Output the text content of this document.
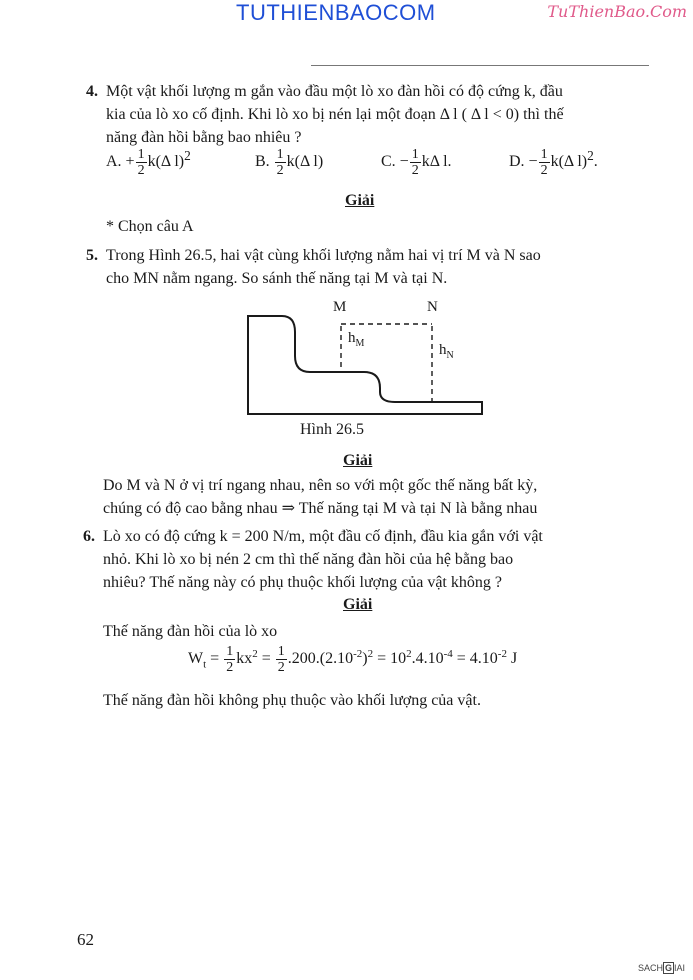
TUTHIENBAOCOM	TuThienBao.Com
4. Một vật khối lượng m gắn vào đầu một lò xo đàn hồi có độ cứng k, đầu
kia của lò xo cố định. Khi lò xo bị nén lại một đoạn Δ l ( Δ l < 0) thì thế
năng đàn hồi bằng bao nhiêu ?
A. + $\frac{1}{2} k(\Delta$ l)$^2$	B. $\frac{1}{2} k(\Delta$ l)	C. − $\frac{1}{2}$ kΔ l.	D. − $\frac{1}{2} k(\Delta$ l)$^2$.
Giải
* Chọn câu A
5. Trong Hình 26.5, hai vật cùng khối lượng nằm hai vị trí M và N sao
cho MN nằm ngang. So sánh thế năng tại M và tại N.
M	N
$h_M$	$h_N$
Hình 26.5
Giải
Do M và N ở vị trí ngang nhau, nên so với một gốc thế năng bất kỳ,
chúng có độ cao bằng nhau ⇒ Thế năng tại M và tại N là bằng nhau
6. Lò xo có độ cứng k = 200 N/m, một đầu cố định, đầu kia gắn với vật
nhỏ. Khi lò xo bị nén 2 cm thì thế năng đàn hồi của hệ bằng bao
nhiêu? Thế năng này có phụ thuộc khối lượng của vật không ?
Giải
Thế năng đàn hồi của lò xo
$W_t = \frac{1}{2} kx^2 = \frac{1}{2} .200.(2.10^{-2})^2 = 10^2.4.10^{-4} = 4.10^{-2}$ J
Thế năng đàn hồi không phụ thuộc vào khối lượng của vật.
62
SACH G IAI
